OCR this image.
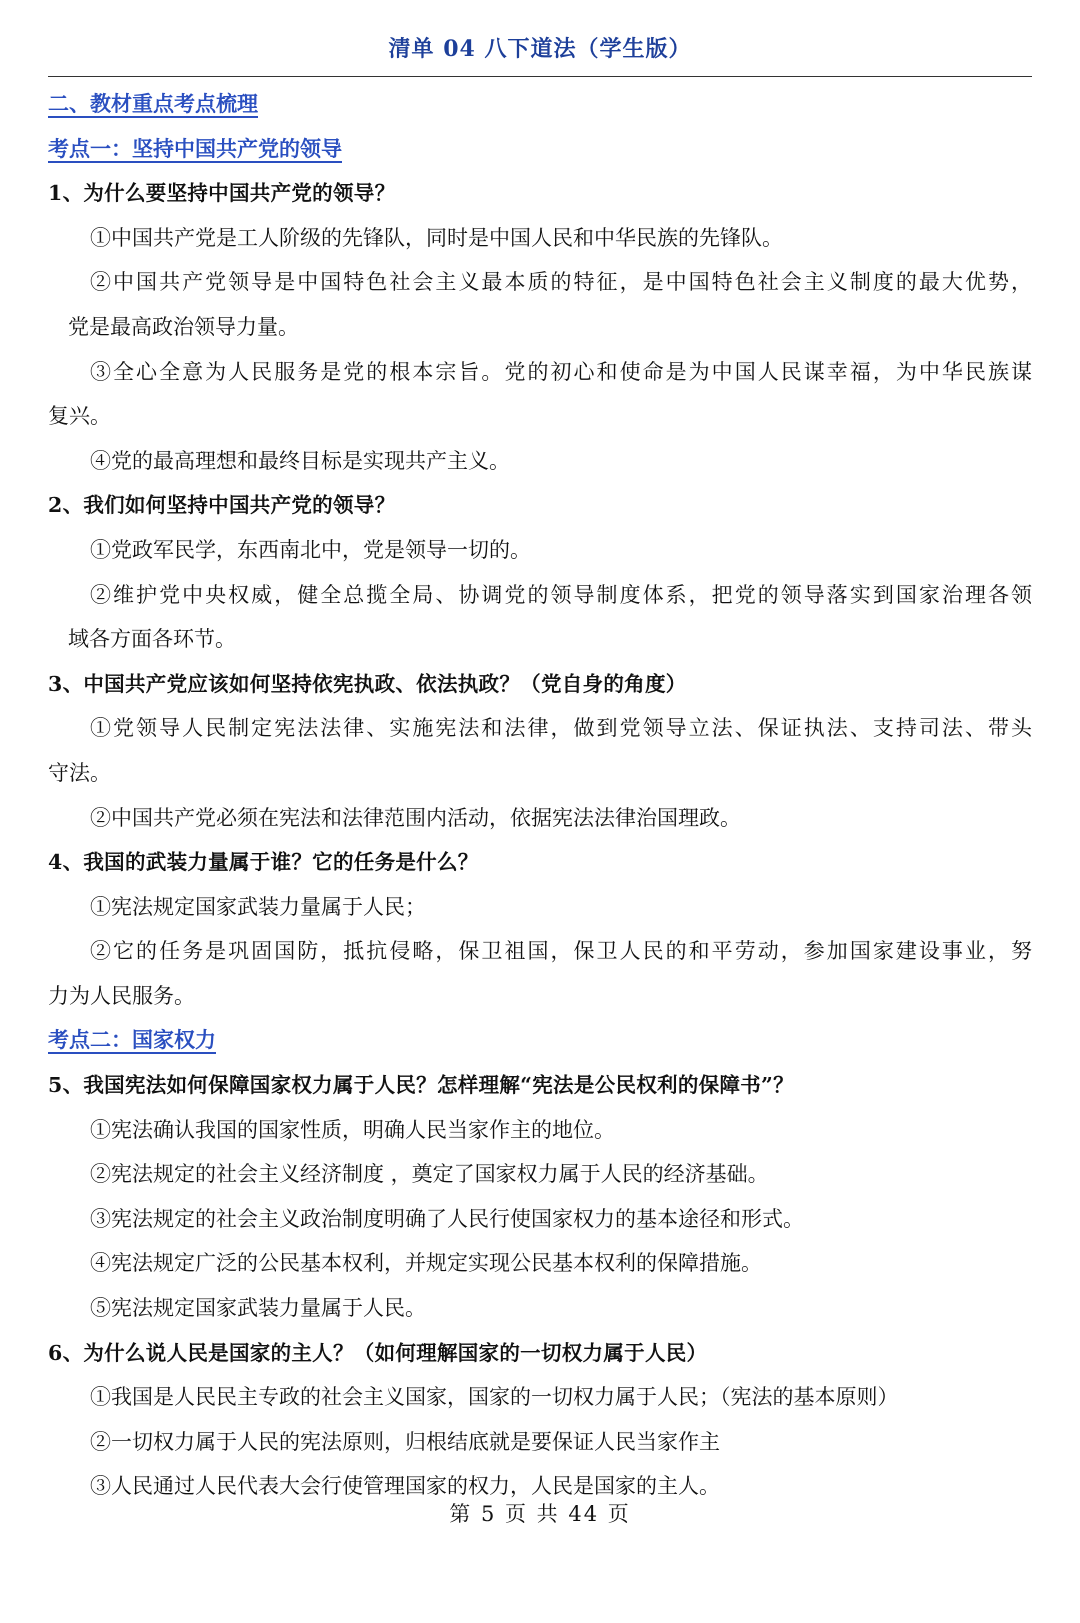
清单 04 八下道法（学生版）
二、教材重点考点梳理
考点一：坚持中国共产党的领导
1、为什么要坚持中国共产党的领导？
①中国共产党是工人阶级的先锋队，同时是中国人民和中华民族的先锋队。
②中国共产党领导是中国特色社会主义最本质的特征，是中国特色社会主义制度的最大优势，
党是最高政治领导力量。
③全心全意为人民服务是党的根本宗旨。党的初心和使命是为中国人民谋幸福，为中华民族谋
复兴。
④党的最高理想和最终目标是实现共产主义。
2、我们如何坚持中国共产党的领导？
①党政军民学，东西南北中，党是领导一切的。
②维护党中央权威，健全总揽全局、协调党的领导制度体系，把党的领导落实到国家治理各领
域各方面各环节。
3、中国共产党应该如何坚持依宪执政、依法执政？（党自身的角度）
①党领导人民制定宪法法律、实施宪法和法律，做到党领导立法、保证执法、支持司法、带头
守法。
②中国共产党必须在宪法和法律范围内活动，依据宪法法律治国理政。
4、我国的武装力量属于谁？它的任务是什么？
①宪法规定国家武装力量属于人民；
②它的任务是巩固国防，抵抗侵略，保卫祖国，保卫人民的和平劳动，参加国家建设事业，努
力为人民服务。
考点二：国家权力
5、我国宪法如何保障国家权力属于人民？怎样理解“宪法是公民权利的保障书”？
①宪法确认我国的国家性质，明确人民当家作主的地位。
②宪法规定的社会主义经济制度 ，奠定了国家权力属于人民的经济基础。
③宪法规定的社会主义政治制度明确了人民行使国家权力的基本途径和形式。
④宪法规定广泛的公民基本权利，并规定实现公民基本权利的保障措施。
⑤宪法规定国家武装力量属于人民。
6、为什么说人民是国家的主人？（如何理解国家的一切权力属于人民）
①我国是人民民主专政的社会主义国家，国家的一切权力属于人民；（宪法的基本原则）
②一切权力属于人民的宪法原则，归根结底就是要保证人民当家作主
③人民通过人民代表大会行使管理国家的权力，人民是国家的主人。
第 5 页 共 44 页
